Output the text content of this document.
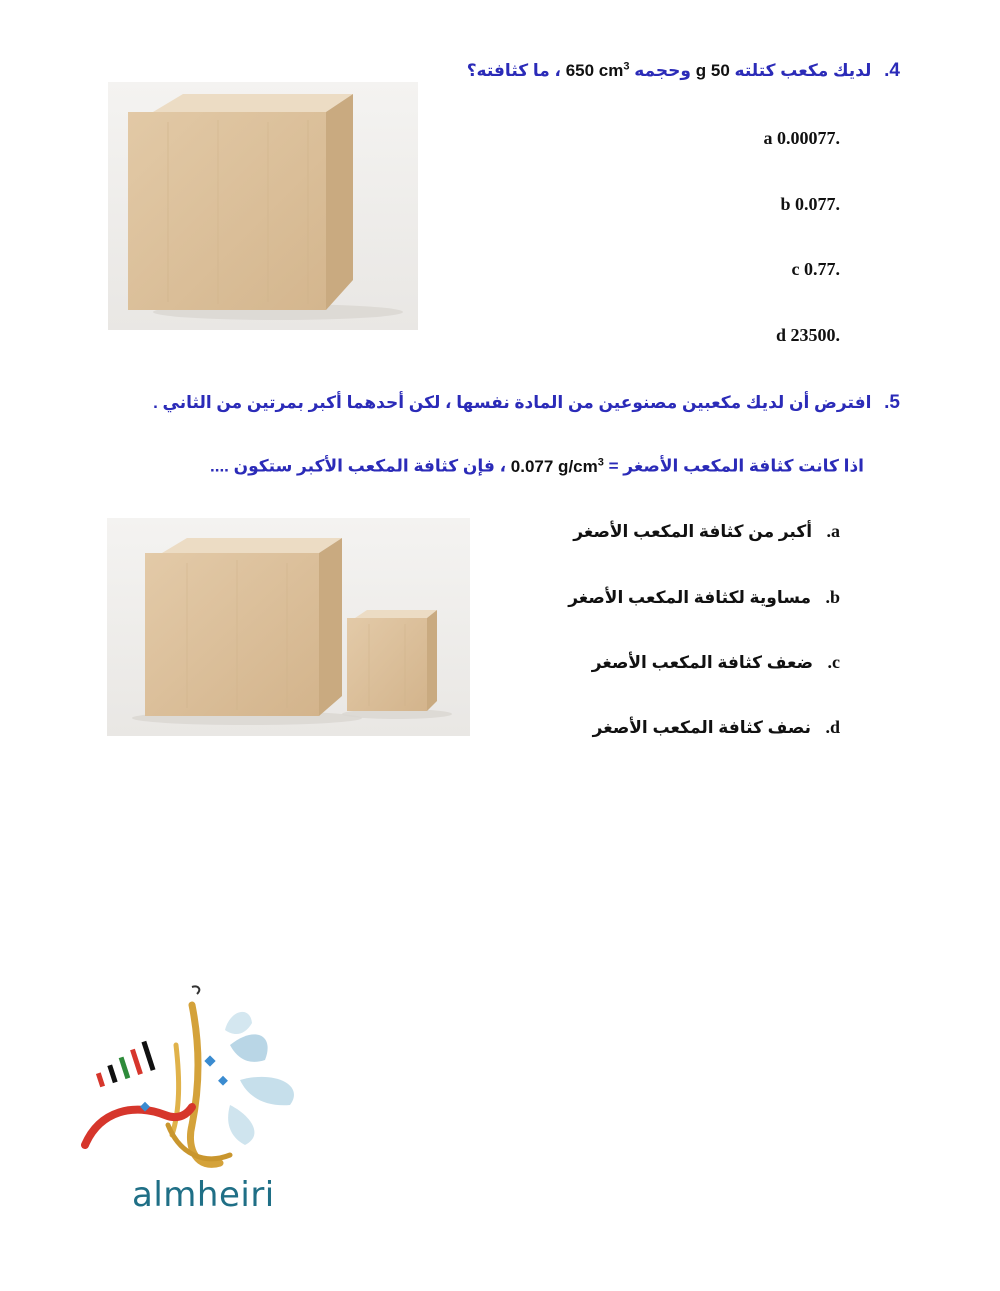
4. لديك مكعب كتلته g 50 وحجمه 650 $cm^3$ ، ما كثافته؟
.a 0.00077
.b 0.077
.c 0.77
.d 23500
5. افترض أن لديك مكعبين مصنوعين من المادة نفسها ، لكن أحدهما أكبر بمرتين من الثاني .
اذا كانت كثافة المكعب الأصغر = 0.077 $g/cm^3$ ، فإن كثافة المكعب الأكبر ستكون ....
a. أكبر من كثافة المكعب الأصغر
b. مساوية لكثافة المكعب الأصغر
c. ضعف كثافة المكعب الأصغر
d. نصف كثافة المكعب الأصغر
almheiri
